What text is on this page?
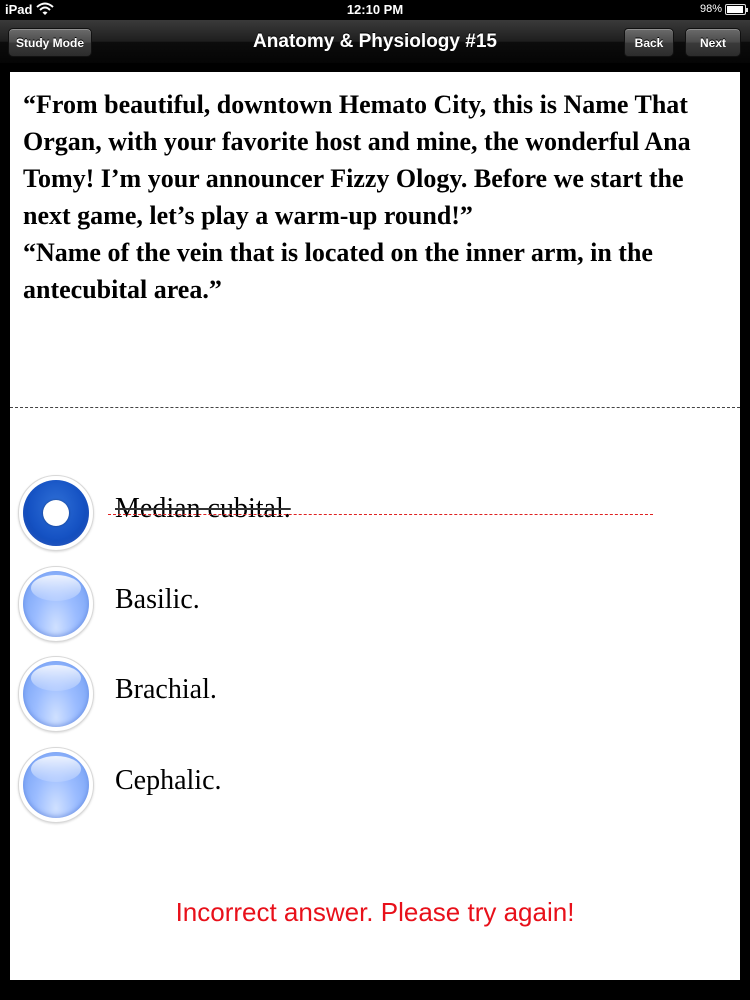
iPad	12:10 PM	98%
Study Mode	Anatomy & Physiology #15	Back	Next

“From beautiful, downtown Hemato City, this is Name That Organ, with your favorite host and mine, the wonderful Ana Tomy! I’m your announcer Fizzy Ology. Before we start the next game, let’s play a warm-up round!”

“Name of the vein that is located on the inner arm, in the antecubital area.”

Median cubital.
Basilic.
Brachial.
Cephalic.
Incorrect answer. Please try again!
